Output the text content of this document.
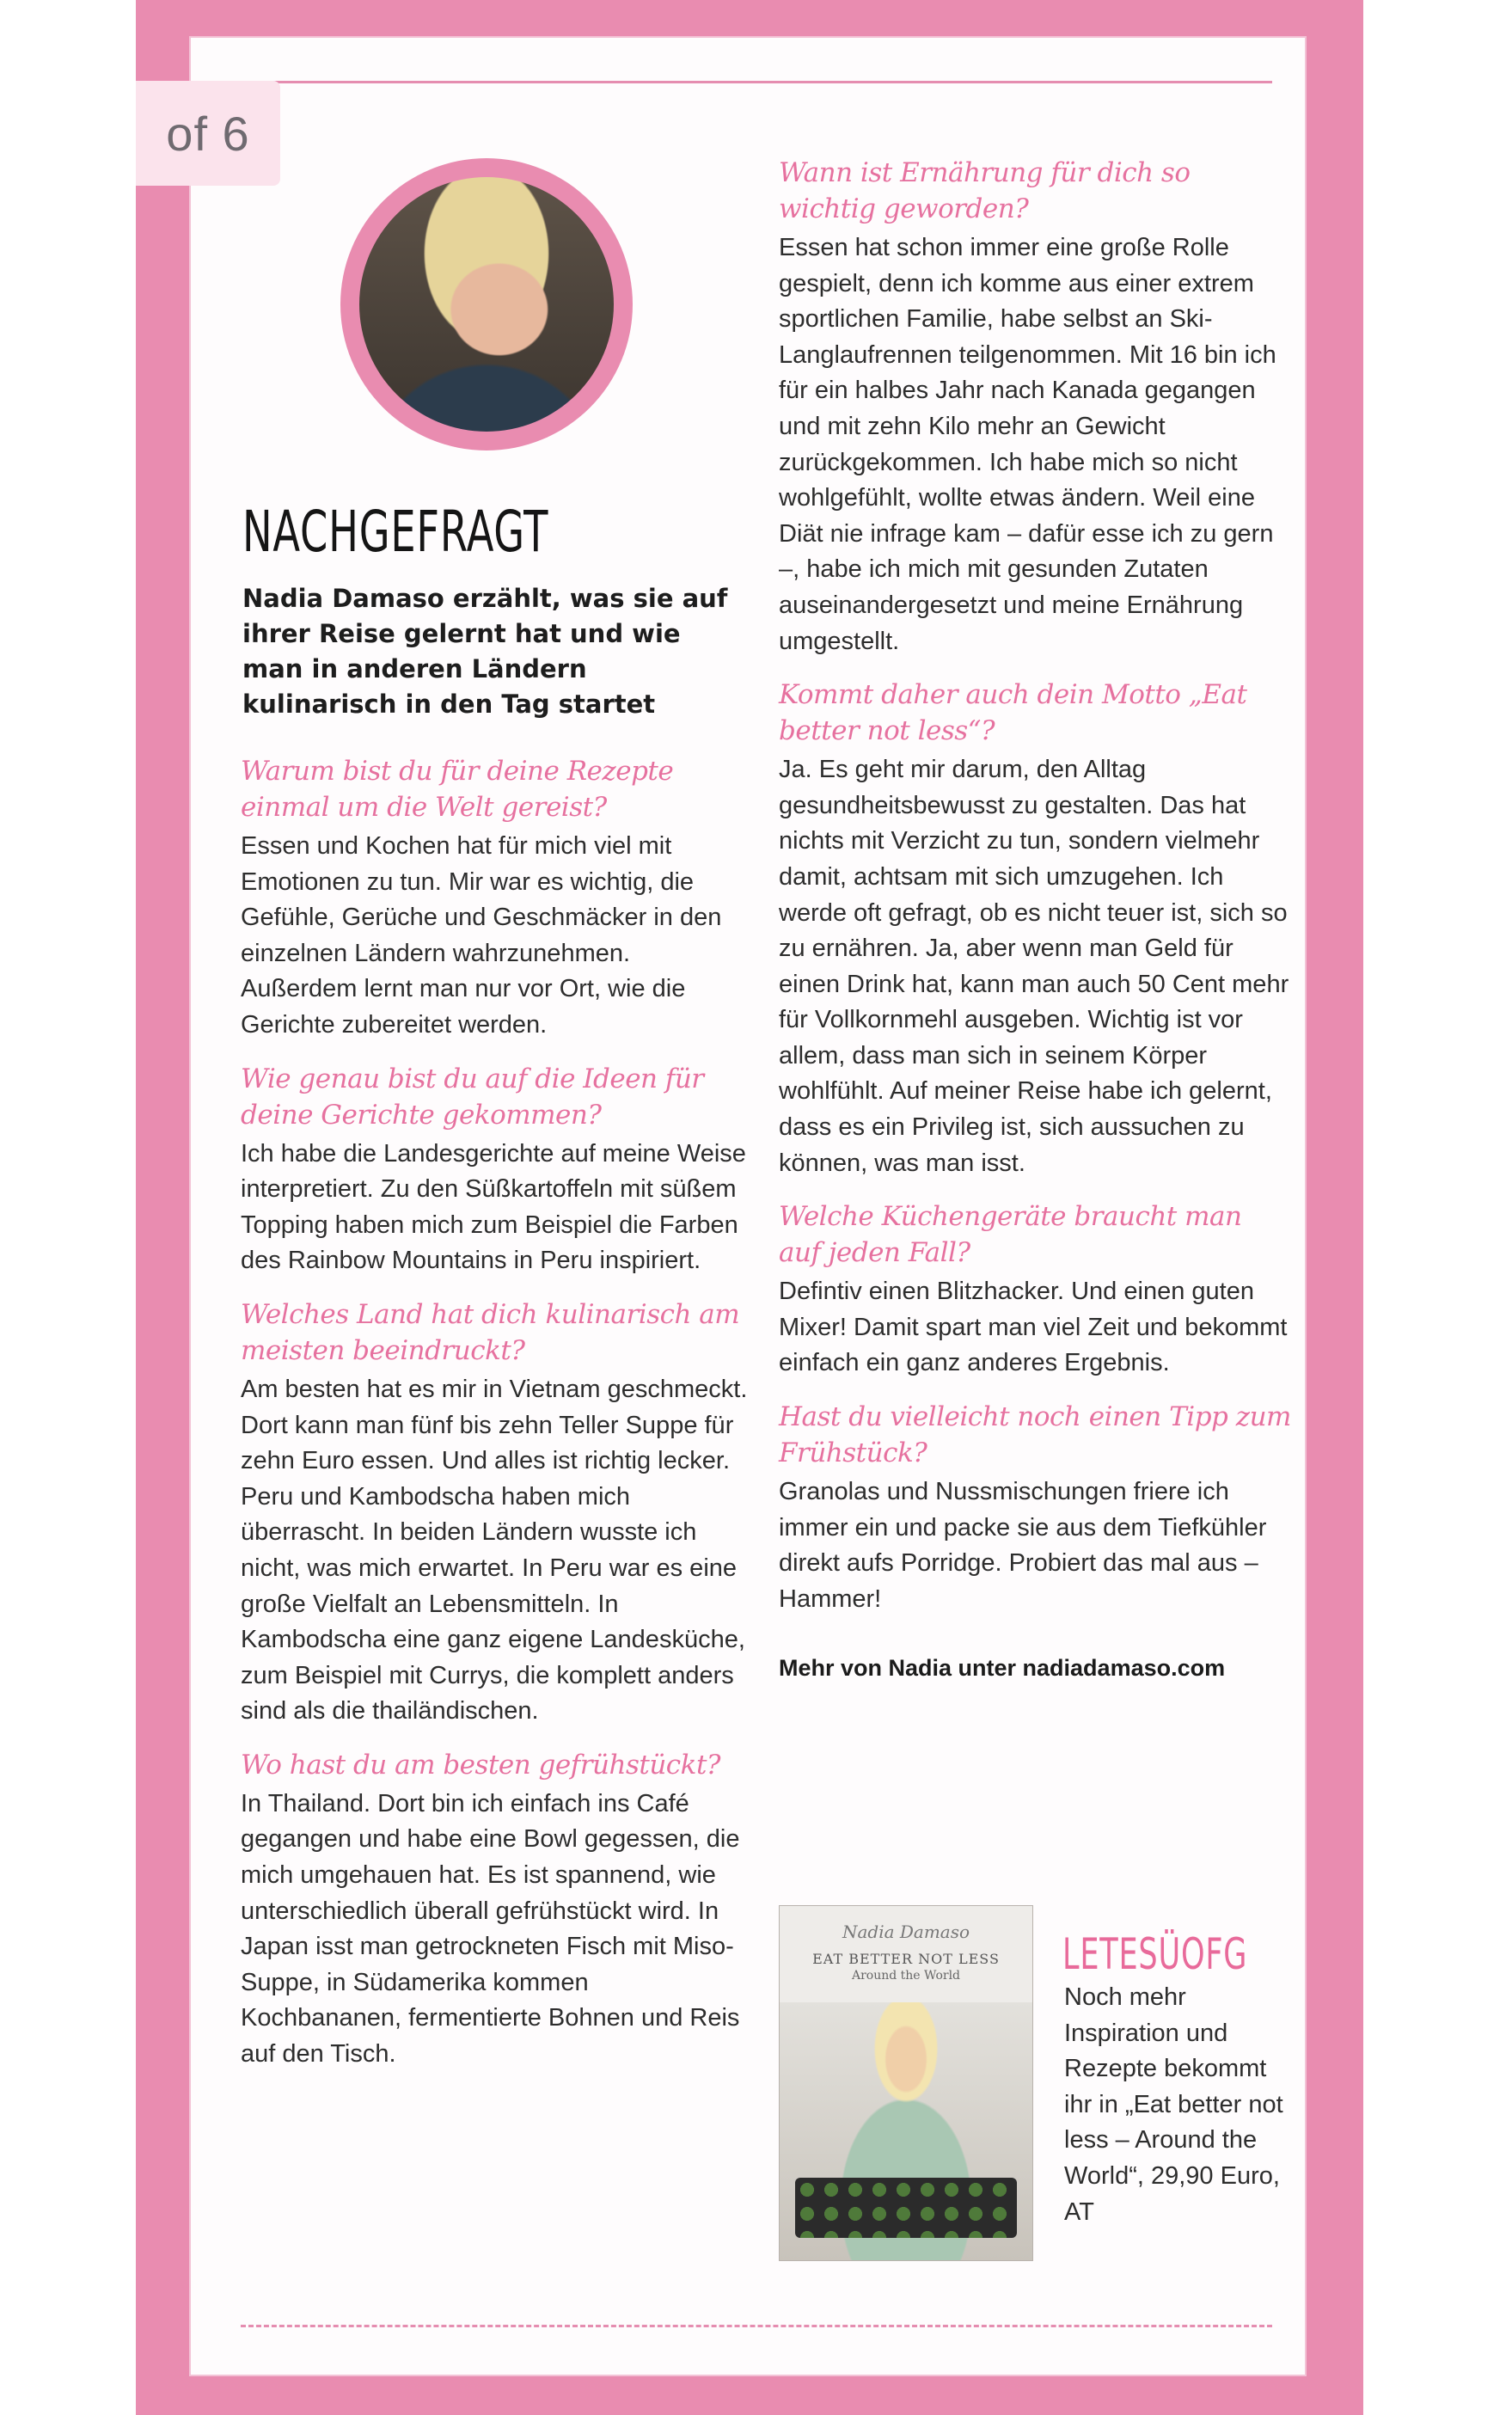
of 6
NACHGEFRAGT

Nadia Damaso erzählt, was sie auf ihrer Reise gelernt hat und wie man in anderen Ländern kulinarisch in den Tag startet

Warum bist du für deine Rezepte einmal um die Welt gereist?

Essen und Kochen hat für mich viel mit Emotionen zu tun. Mir war es wichtig, die Gefühle, Gerüche und Geschmäcker in den einzelnen Ländern wahrzunehmen. Außerdem lernt man nur vor Ort, wie die Gerichte zubereitet werden.

Wie genau bist du auf die Ideen für deine Gerichte gekommen?

Ich habe die Landesgerichte auf meine Weise interpretiert. Zu den Süßkartoffeln mit süßem Topping haben mich zum Beispiel die Farben des Rainbow Mountains in Peru inspiriert.

Welches Land hat dich kulinarisch am meisten beeindruckt?

Am besten hat es mir in Vietnam geschmeckt. Dort kann man fünf bis zehn Teller Suppe für zehn Euro essen. Und alles ist richtig lecker. Peru und Kambodscha haben mich überrascht. In beiden Ländern wusste ich nicht, was mich erwartet. In Peru war es eine große Vielfalt an Lebensmitteln. In Kambodscha eine ganz eigene Landesküche, zum Beispiel mit Currys, die komplett anders sind als die thailändischen.

Wo hast du am besten gefrühstückt?

In Thailand. Dort bin ich einfach ins Café gegangen und habe eine Bowl gegessen, die mich umgehauen hat. Es ist spannend, wie unterschiedlich überall gefrühstückt wird. In Japan isst man getrockneten Fisch mit Miso-Suppe, in Südamerika kommen Kochbananen, fermentierte Bohnen und Reis auf den Tisch.

Wann ist Ernährung für dich so wichtig geworden?

Essen hat schon immer eine große Rolle gespielt, denn ich komme aus einer extrem sportlichen Familie, habe selbst an Ski-Langlaufrennen teilgenommen. Mit 16 bin ich für ein halbes Jahr nach Kanada gegangen und mit zehn Kilo mehr an Gewicht zurückgekommen. Ich habe mich so nicht wohlgefühlt, wollte etwas ändern. Weil eine Diät nie infrage kam – dafür esse ich zu gern –, habe ich mich mit gesunden Zutaten auseinandergesetzt und meine Ernährung umgestellt.

Kommt daher auch dein Motto „Eat better not less“?

Ja. Es geht mir darum, den Alltag gesundheitsbewusst zu gestalten. Das hat nichts mit Verzicht zu tun, sondern vielmehr damit, achtsam mit sich umzugehen. Ich werde oft gefragt, ob es nicht teuer ist, sich so zu ernähren. Ja, aber wenn man Geld für einen Drink hat, kann man auch 50 Cent mehr für Vollkornmehl ausgeben. Wichtig ist vor allem, dass man sich in seinem Körper wohlfühlt. Auf meiner Reise habe ich gelernt, dass es ein Privileg ist, sich aussuchen zu können, was man isst.

Welche Küchengeräte braucht man auf jeden Fall?

Defintiv einen Blitzhacker. Und einen guten Mixer! Damit spart man viel Zeit und bekommt einfach ein ganz anderes Ergebnis.

Hast du vielleicht noch einen Tipp zum Frühstück?

Granolas und Nussmischungen friere ich immer ein und packe sie aus dem Tiefkühler direkt aufs Porridge. Probiert das mal aus – Hammer!

Mehr von Nadia unter nadiadamaso.com

Nadia Damaso
EAT BETTER NOT LESS
Around the World	LETESÜOFG

Noch mehr Inspiration und Rezepte bekommt ihr in „Eat better not less – Around the World“, 29,90 Euro, AT
